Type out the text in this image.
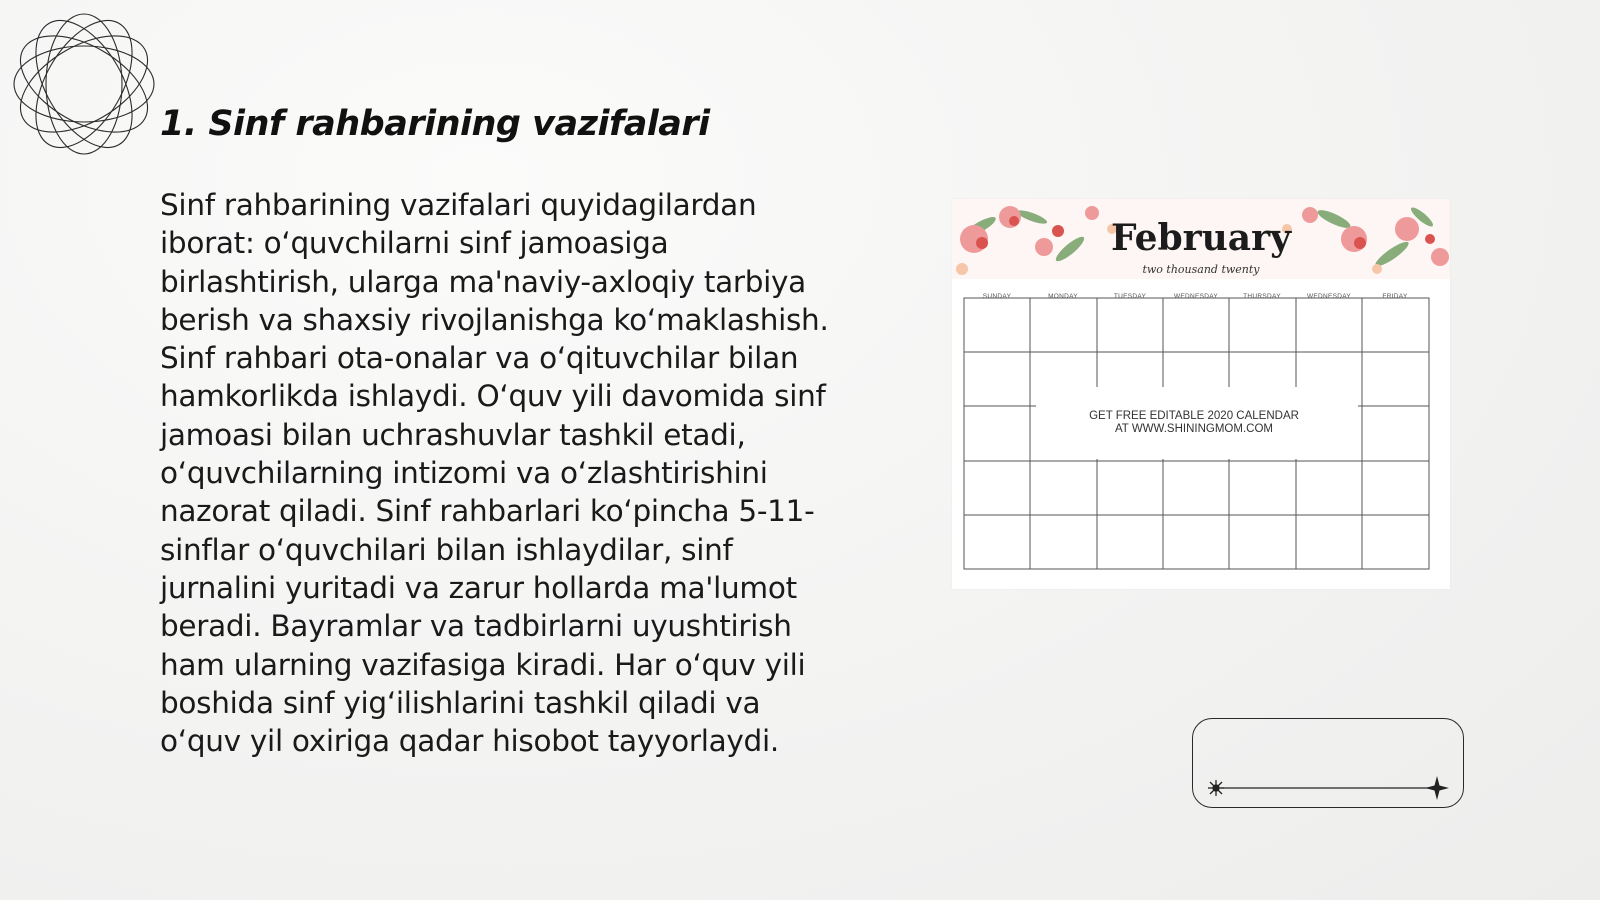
1. Sinf rahbarining vazifalari

Sinf rahbarining vazifalari quyidagilardan iborat: o‘quvchilarni sinf jamoasiga birlashtirish, ularga ma'naviy-axloqiy tarbiya berish va shaxsiy rivojlanishga ko‘maklashish. Sinf rahbari ota-onalar va o‘qituvchilar bilan hamkorlikda ishlaydi. O‘quv yili davomida sinf jamoasi bilan uchrashuvlar tashkil etadi, o‘quvchilarning intizomi va o‘zlashtirishini nazorat qiladi. Sinf rahbarlari ko‘pincha 5-11-sinflar o‘quvchilari bilan ishlaydilar, sinf jurnalini yuritadi va zarur hollarda ma'lumot beradi. Bayramlar va tadbirlarni uyushtirish ham ularning vazifasiga kiradi. Har o‘quv yili boshida sinf yig‘ilishlarini tashkil qiladi va o‘quv yil oxiriga qadar hisobot tayyorlaydi.

February
two thousand twenty
SUNDAY	MONDAY	TUESDAY	WEDNESDAY	THURSDAY	WEDNESDAY	FRIDAY
GET FREE EDITABLE 2020 CALENDAR
AT WWW.SHININGMOM.COM
